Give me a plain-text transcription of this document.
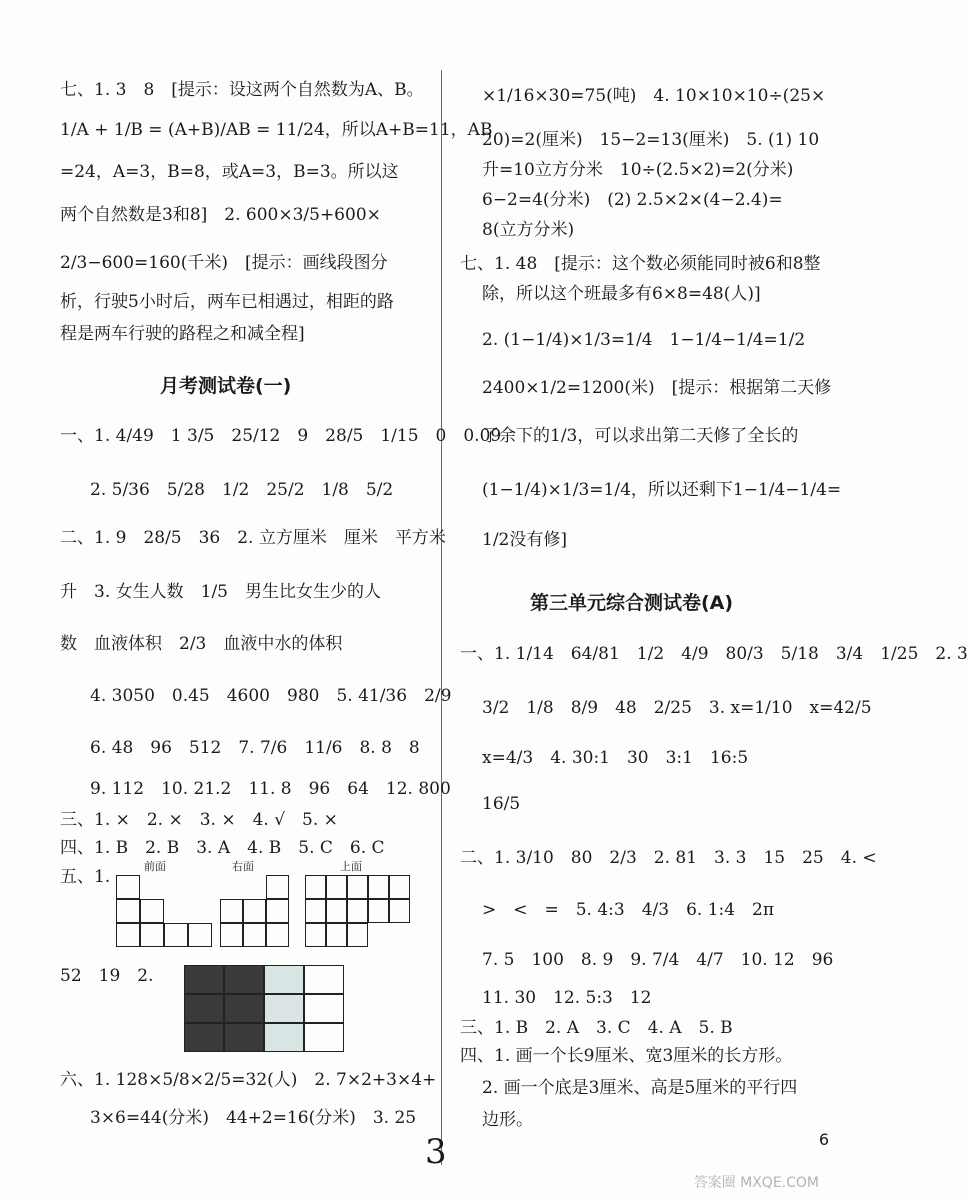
七、1. 3　8　[提示：设这两个自然数为A、B。
1/A + 1/B = (A+B)/AB = 11/24，所以A+B=11，AB
=24，A=3，B=8，或A=3，B=3。所以这
两个自然数是3和8]　2. 600×3/5+600×
2/3−600=160(千米)　[提示：画线段图分
析，行驶5小时后，两车已相遇过，相距的路
程是两车行驶的路程之和减全程]
月考测试卷(一)
一、1. 4/49　1 3/5　25/12　9　28/5　1/15　0　0.09
2. 5/36　5/28　1/2　25/2　1/8　5/2
二、1. 9　28/5　36　2. 立方厘米　厘米　平方米
升　3. 女生人数　1/5　男生比女生少的人
数　血液体积　2/3　血液中水的体积
4. 3050　0.45　4600　980　5. 41/36　2/9
6. 48　96　512　7. 7/6　11/6　8. 8　8
9. 112　10. 21.2　11. 8　96　64　12. 800
三、1. ×　2. ×　3. ×　4. √　5. ×
四、1. B　2. B　3. A　4. B　5. C　6. C
五、1.
前面	右面	上面
52　19　2.
六、1. 128×5/8×2/5=32(人)　2. 7×2+3×4+
3×6=44(分米)　44+2=16(分米)　3. 25
×1/16×30=75(吨)　4. 10×10×10÷(25×
20)=2(厘米)　15−2=13(厘米)　5. (1) 10
升=10立方分米　10÷(2.5×2)=2(分米)
6−2=4(分米)　(2) 2.5×2×(4−2.4)=
8(立方分米)
七、1. 48　[提示：这个数必须能同时被6和8整
除，所以这个班最多有6×8=48(人)]
2. (1−1/4)×1/3=1/4　1−1/4−1/4=1/2
2400×1/2=1200(米)　[提示：根据第二天修
了余下的1/3，可以求出第二天修了全长的
(1−1/4)×1/3=1/4，所以还剩下1−1/4−1/4=
1/2没有修]
第三单元综合测试卷(A)
一、1. 1/14　64/81　1/2　4/9　80/3　5/18　3/4　1/25　2. 3
3/2　1/8　8/9　48　2/25　3. x=1/10　x=42/5
x=4/3　4. 30:1　30　3:1　16:5
16/5
二、1. 3/10　80　2/3　2. 81　3. 3　15　25　4. <
>　<　=　5. 4:3　4/3　6. 1:4　2π
7. 5　100　8. 9　9. 7/4　4/7　10. 12　96
11. 30　12. 5:3　12
三、1. B　2. A　3. C　4. A　5. B
四、1. 画一个长9厘米、宽3厘米的长方形。
2. 画一个底是3厘米、高是5厘米的平行四
边形。
3	6
答案圈 MXQE.COM
